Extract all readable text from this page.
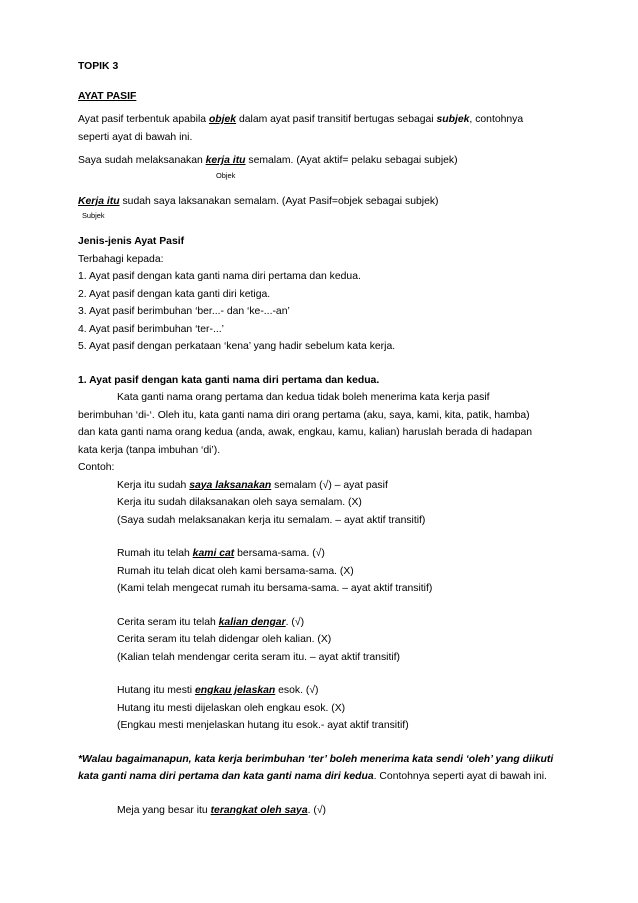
TOPIK 3

AYAT PASIF

Ayat pasif terbentuk apabila objek dalam ayat pasif transitif bertugas sebagai subjek, contohnya

seperti ayat di bawah ini.

Saya sudah melaksanakan kerja itu semalam. (Ayat aktif= pelaku sebagai subjek)

Objek

Kerja itu sudah saya laksanakan semalam. (Ayat Pasif=objek sebagai subjek)

Subjek

Jenis-jenis Ayat Pasif

Terbahagi kepada:

1. Ayat pasif dengan kata ganti nama diri pertama dan kedua.

2. Ayat pasif dengan kata ganti diri ketiga.

3. Ayat pasif berimbuhan ‘ber...- dan ‘ke-...-an’

4. Ayat pasif berimbuhan ‘ter-...’

5. Ayat pasif dengan perkataan ‘kena’ yang hadir sebelum kata kerja.

1. Ayat pasif dengan kata ganti nama diri pertama dan kedua.

Kata ganti nama orang pertama dan kedua tidak boleh menerima kata kerja pasif

berimbuhan ‘di-‘. Oleh itu, kata ganti nama diri orang pertama (aku, saya, kami, kita, patik, hamba)

dan kata ganti nama orang kedua (anda, awak, engkau, kamu, kalian) haruslah berada di hadapan

kata kerja (tanpa imbuhan ‘di’).

Contoh:

Kerja itu sudah saya laksanakan semalam (√) – ayat pasif

Kerja itu sudah dilaksanakan oleh saya semalam. (X)

(Saya sudah melaksanakan kerja itu semalam. – ayat aktif transitif)

Rumah itu telah kami cat bersama-sama. (√)

Rumah itu telah dicat oleh kami bersama-sama. (X)

(Kami telah mengecat rumah itu bersama-sama. – ayat aktif transitif)

Cerita seram itu telah kalian dengar. (√)

Cerita seram itu telah didengar oleh kalian. (X)

(Kalian telah mendengar cerita seram itu. – ayat aktif transitif)

Hutang itu mesti engkau jelaskan esok. (√)

Hutang itu mesti dijelaskan oleh engkau esok. (X)

(Engkau mesti menjelaskan hutang itu esok.- ayat aktif transitif)

*Walau bagaimanapun, kata kerja berimbuhan ‘ter’ boleh menerima kata sendi ‘oleh’ yang diikuti

kata ganti nama diri pertama dan kata ganti nama diri kedua. Contohnya seperti ayat di bawah ini.

Meja yang besar itu terangkat oleh saya. (√)
